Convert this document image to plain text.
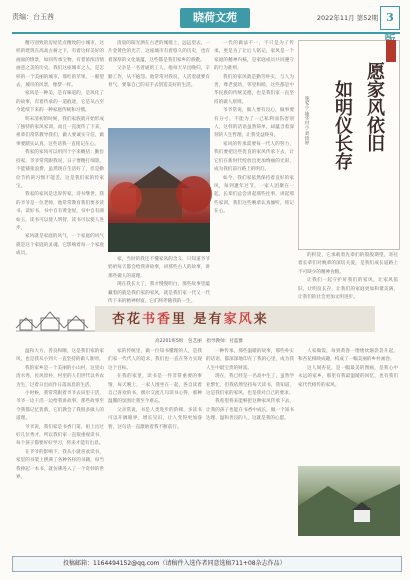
责编：台玉茜	晓荷文苑	2022年11月 第52期 3

精巧别致的房屋装点精致的小城市，这样的建筑在高高古树之下，有着这样美好的画面的情景，如同传承宝物，有着浓浓诗情画意之美的历史。我们这座城市之人，是怎样的一个美丽的城市，那红的苹果，一眼望去，城市的风景，像梦一样。

家风是一种美，是有味道的，是风化了的故事，有着传承的一道痕迹，它是从古至今延续下来的一种家庭传统和习惯。

明末清初的时候，我们家族就开始形成了独特的家风家训，而且一直流传了下来，祖辈们常常教导我们，做人要诚实守信，做事要踏实认真，这些话我一直铭记在心。

我家的家风可以用四个字来概括：勤俭持家。爷爷常常跟我说，日子要精打细算，不能铺张浪费，虽然现在生活好了，但是勤俭节约的习惯不能丢，这是我们家的传家宝。

我家的家风是忠厚传家，诗书继世。我的爷爷是一位老师，他常常教育我们要多读书，读好书，书中自有黄金屋，书中自有颜如玉，读书可以使人明智，读书可以使人进步。

家风就是家庭的风气，一个家庭的风气就是这个家庭的灵魂，它影响着每一个家庭成员。

清晨的阳光洒在古老的城墙上，远远望去，一片金黄色的光芒，这座城市有着悠久的历史，也有着深厚的文化底蕴，这些都是我们家乡的骄傲。

父亲是一名普通的工人，他每天早出晚归，辛勤工作，从不抱怨。他常常对我说，人活着就要有骨气，要靠自己的双手去创造美好的生活。

家，当时的我还不懂家风的含义，只知道爷爷奶奶每天都会给我讲故事，讲那些古人的故事，讲那些做人的道理。

现在我长大了，我才慢慢明白，那些故事里蕴藏着的就是我们家的家风，就是我们家一代又一代传下来的精神财富，它们将伴随我的一生。

一代的做法不一，不只是为了传承，更是为了让后人铭记，家风是一个家庭的精神内核，是家庭成员共同遵守的行为准则。

我们的家风就是勤劳朴实，与人为善，尊老爱幼，邻里和睦，这些都是中华民族的传统美德，也是我们家一直坚持的做人原则。

爷爷常说，做人要有良心，做事要有分寸，不能为了一己私利而伤害别人，这样的话语虽然简单，却蕴含着深刻的人生哲理，让我受益终身。

家风的传承需要每一代人的努力，我们要把这些优良的家风传承下去，让它们在新时代绽放出更加绚丽的光彩，成为我们前行路上的明灯。

如今，我们家依然保持着良好的家风，每到逢年过节，一家人团聚在一起，长辈们总会讲起那些往事，讲起那些家训，我们这些晚辈认真倾听，铭记在心。

愿家风依旧
如明仪长存
施家小 施华村小 刘倚婷

的积淀，它承载着先辈们的殷殷期望，寄托着长辈们对晚辈的深切关爱，是我们成长道路上不可缺少的精神食粮。

让我们一起守护好我们的家风，让家风依旧，让明仪长存，让我们的家庭更加和谐美满，让我们的社会更加文明进步。

杏花书香里 是有家风来
高2201班5组　包艺丽　指导教师：付蓝雅

温和大方，善良和顺，这是我们家的家风，也是我从小到大一直坚持的做人准则。

我的家乡是一个美丽的小山村，这里山清水秀，民风淳朴，村里的人们世代以务农为生，过着日出而作日落而息的生活。

小时候，我常常跟着爷爷去田里干活，爷爷一边干活一边给我讲故事，那些故事至今我都记忆犹新，它们教会了我很多做人的道理。

爷爷说，我们家是书香门第，祖上出过好几位秀才，所以我们家一直很重视读书，每个孩子都要好好学习，将来才能有出息。

在爷爷的影响下，我从小就喜欢读书，家里的书架上摆满了各种各样的书籍，每当我捧起一本书，就仿佛进入了一个奇妙的世界。

家的传统里，做一位知书懂理的人，是我们家一代代人的追求，我们也一直在努力实现这个目标。

在我的家里，读书是一件非常重要的事情，每天晚上，一家人围坐在一起，各自读着自己喜欢的书，偶尔交流几句读书心得，那种温馨的氛围让我至今难忘。

父亲常说，书是人类进步的阶梯，多读书可以开阔眼界，增长见识，让人变得更加睿智，这句话一直激励着我不断前行。

一种传承，那些温暖的故事，那些朴实的话语，都深深地印在了我的心里，成为我人生中最宝贵的财富。

现在，我已经是一名高中生了，虽然学业繁忙，但我依然坚持每天读书，我知道，这是我们家的家风，也是我对自己的要求。

我希望将来能够把这种家风传承下去，让我的孩子也能在书香中成长，做一个知书达理、温和善良的人，这就是我的心愿。

人家做饭，每到黄昏一缕缕炊烟袅袅升起，和杏花相映成趣，构成了一幅美丽的乡村画卷。

这人间杏花，是一幅最美的图画，是我心中永远的家乡，那里有我最温暖的回忆，也有我们家代代相传的家风。

投稿邮箱：1164494152@qq.com（请稿件入选作者同意选稿711+08杂志作品）
